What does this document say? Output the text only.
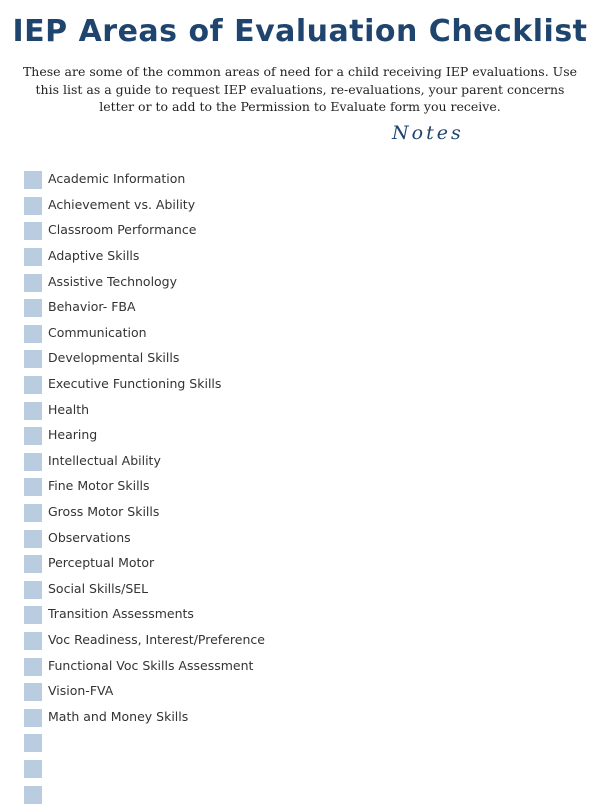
IEP Areas of Evaluation Checklist

These are some of the common areas of need for a child receiving IEP evaluations. Use this list as a guide to request IEP evaluations, re-evaluations, your parent concerns letter or to add to the Permission to Evaluate form you receive.

Notes
Academic Information
Achievement vs. Ability
Classroom Performance
Adaptive Skills
Assistive Technology
Behavior- FBA
Communication
Developmental Skills
Executive Functioning Skills
Health
Hearing
Intellectual Ability
Fine Motor Skills
Gross Motor Skills
Observations
Perceptual Motor
Social Skills/SEL
Transition Assessments
Voc Readiness, Interest/Preference
Functional Voc Skills Assessment
Vision-FVA
Math and Money Skills
